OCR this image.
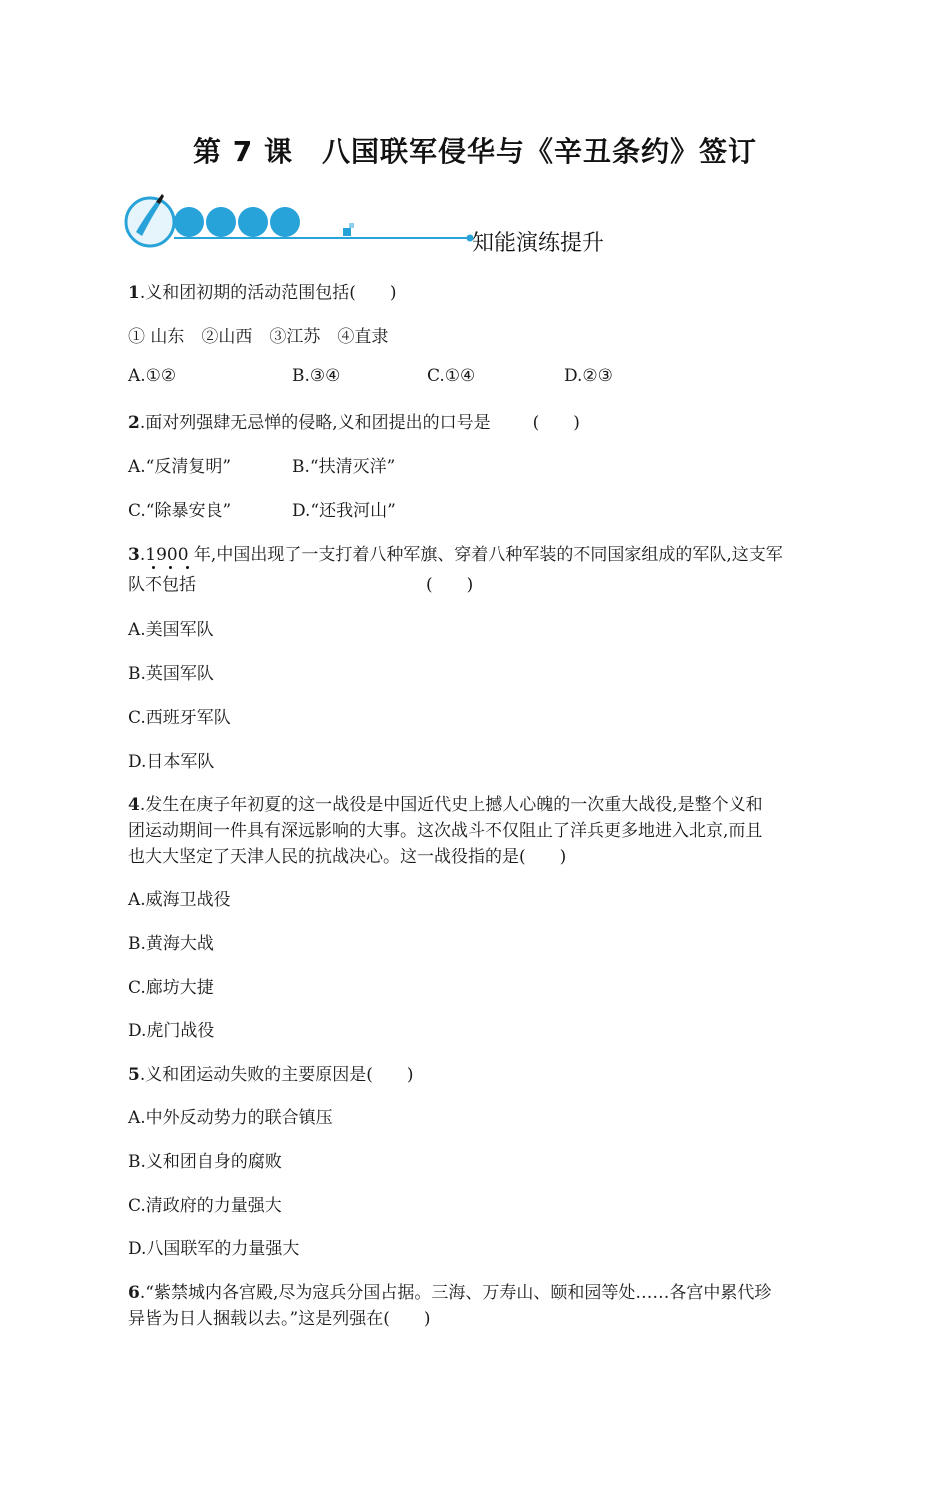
第 7 课　八国联军侵华与《辛丑条约》签订
知能演练提升
1.义和团初期的活动范围包括(　　)
① 山东　②山西　③江苏　④直隶
A.①②	B.③④	C.①④	D.②③
2.面对列强肆无忌惮的侵略,义和团提出的口号是 (　　)
A.“反清复明”	B.“扶清灭洋”
C.“除暴安良”	D.“还我河山”
3.1900 年,中国出现了一支打着八种军旗、穿着八种军装的不同国家组成的军队,这支军
队不包括	(　　)
A.美国军队
B.英国军队
C.西班牙军队
D.日本军队
4.发生在庚子年初夏的这一战役是中国近代史上撼人心魄的一次重大战役,是整个义和
团运动期间一件具有深远影响的大事。这次战斗不仅阻止了洋兵更多地进入北京,而且
也大大坚定了天津人民的抗战决心。这一战役指的是(　　)
A.威海卫战役
B.黄海大战
C.廊坊大捷
D.虎门战役
5.义和团运动失败的主要原因是(　　)
A.中外反动势力的联合镇压
B.义和团自身的腐败
C.清政府的力量强大
D.八国联军的力量强大
6.“紫禁城内各宫殿,尽为寇兵分国占据。三海、万寿山、颐和园等处……各宫中累代珍
异皆为日人捆载以去。”这是列强在(　　)
